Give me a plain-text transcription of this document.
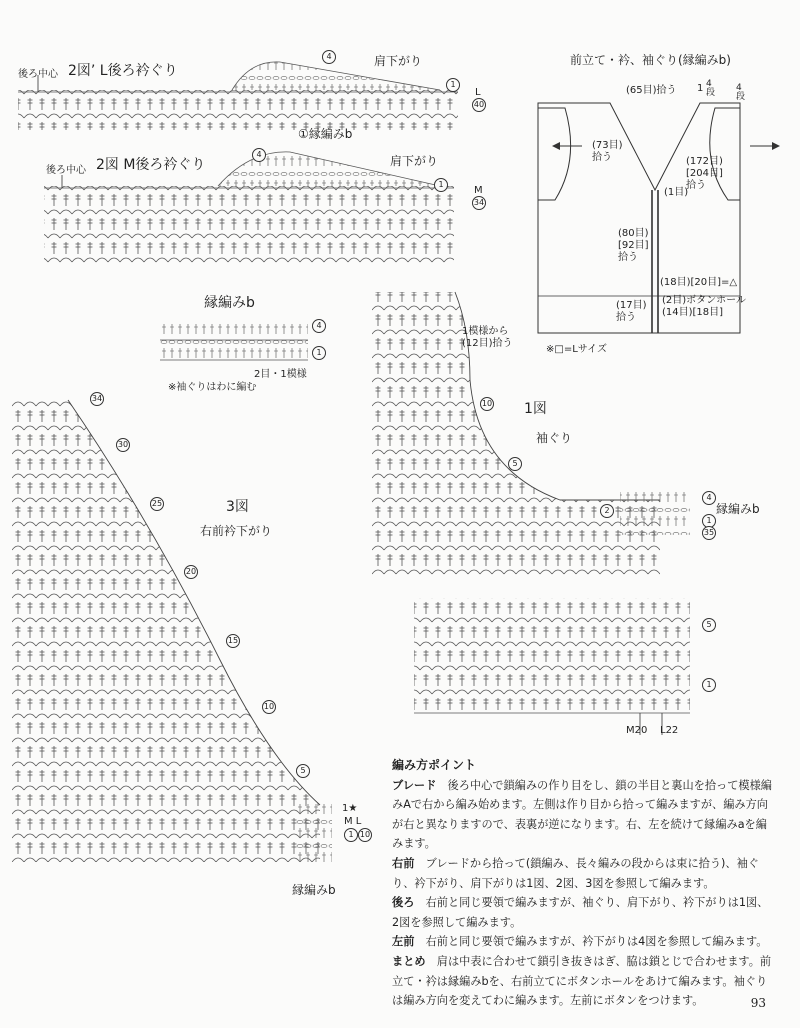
2図’ L後ろ衿ぐり
後ろ中心
肩下がり
4
1
L
40
2図 M後ろ衿ぐり
後ろ中心
①縁編みb
肩下がり
4
1
M
34
縁編みb
4
1
2目・1模様
※袖ぐりはわに編む
1模様から
(12目)拾う
10 1図
袖ぐり
5
2
4
縁編みb
1
35
5
1
M20 L22
34
30
25	3図
右前衿下がり
20
15
10
5
1★
M L
1 10
縁編みb
前立て・衿、袖ぐり(縁編みb)
(65目)拾う 1 4段 4段
(73目)
拾う	(172目)
[204目]
拾う
(1目)
(80目)
[92目]
拾う
(18目)[20目]=△
(2目)ボタンホール
(14目)[18目]
(17目)
拾う
※□=Lサイズ
編み方ポイント
ブレード　 後ろ中心で鎖編みの作り目をし、鎖の半目と裏山を拾って模様編みAで右から編み始めます。左側は作り目から拾って編みますが、編み方向が右と異なりますので、表裏が逆になります。右、左を続けて縁編みaを編みます。
右前　 ブレードから拾って(鎖編み、長々編みの段からは束に拾う)、袖ぐり、衿下がり、肩下がりは1図、2図、3図を参照して編みます。
後ろ　 右前と同じ要領で編みますが、袖ぐり、肩下がり、衿下がりは1図、2図を参照して編みます。
左前　 右前と同じ要領で編みますが、衿下がりは4図を参照して編みます。
まとめ　 肩は中表に合わせて鎖引き抜きはぎ、脇は鎖とじで合わせます。前立て・衿は縁編みbを、右前立てにボタンホールをあけて編みます。袖ぐりは編み方向を変えてわに編みます。左前にボタンをつけます。	93
